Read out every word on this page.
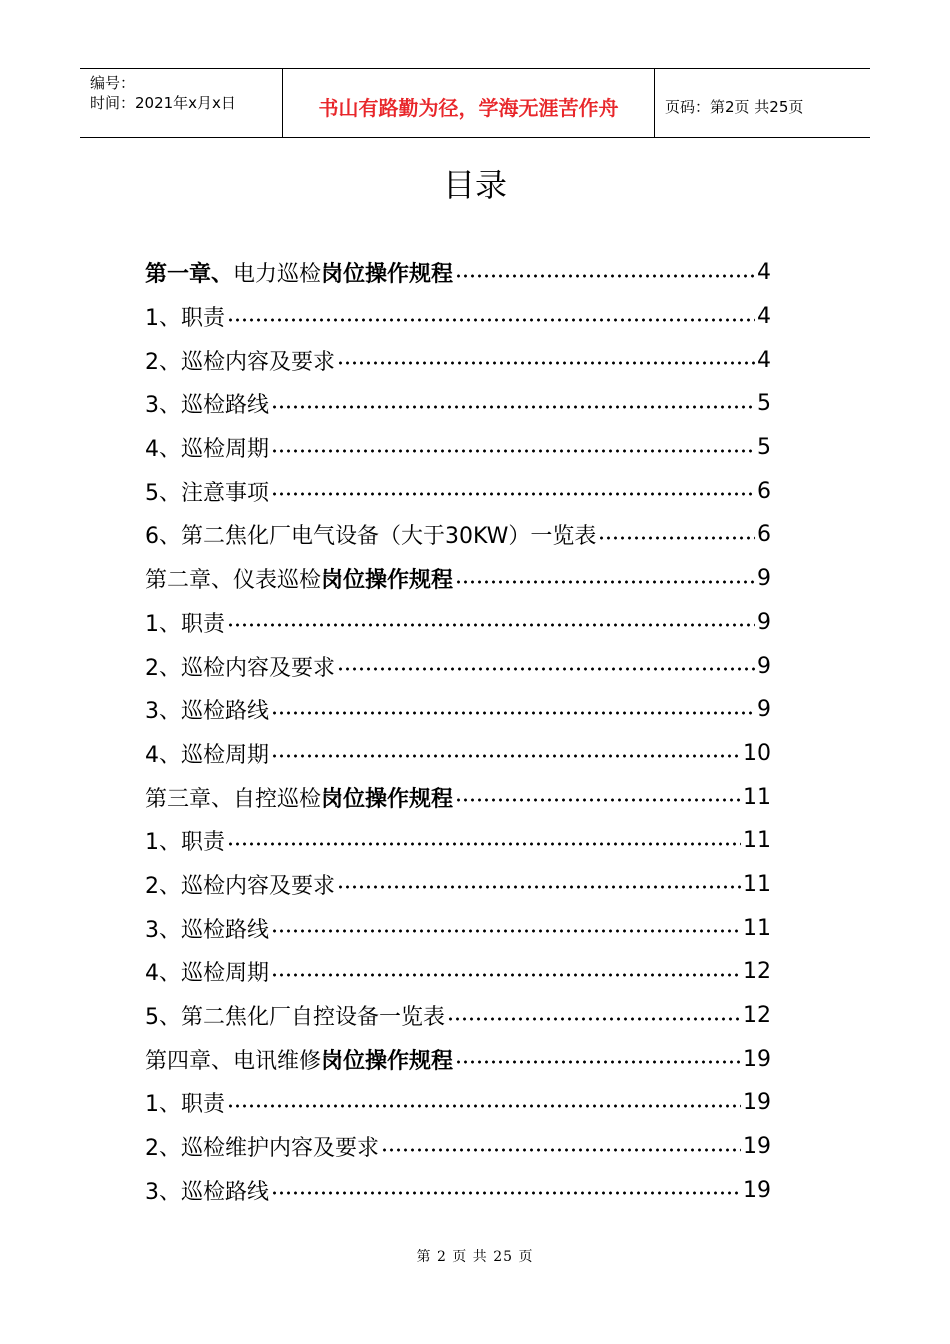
编号：
时间：2021年x月x日	书山有路勤为径，学海无涯苦作舟	页码：第2页 共25页
目录
第一章、电力巡检岗位操作规程	4
1、职责	4
2、巡检内容及要求	4
3、巡检路线	5
4、巡检周期	5
5、注意事项	6
6、第二焦化厂电气设备（大于30KW）一览表	6
第二章、仪表巡检岗位操作规程	9
1、职责	9
2、巡检内容及要求	9
3、巡检路线	9
4、巡检周期	10
第三章、自控巡检岗位操作规程	11
1、职责	11
2、巡检内容及要求	11
3、巡检路线	11
4、巡检周期	12
5、第二焦化厂自控设备一览表	12
第四章、电讯维修岗位操作规程	19
1、职责	19
2、巡检维护内容及要求	19
3、巡检路线	19
第 2 页 共 25 页
